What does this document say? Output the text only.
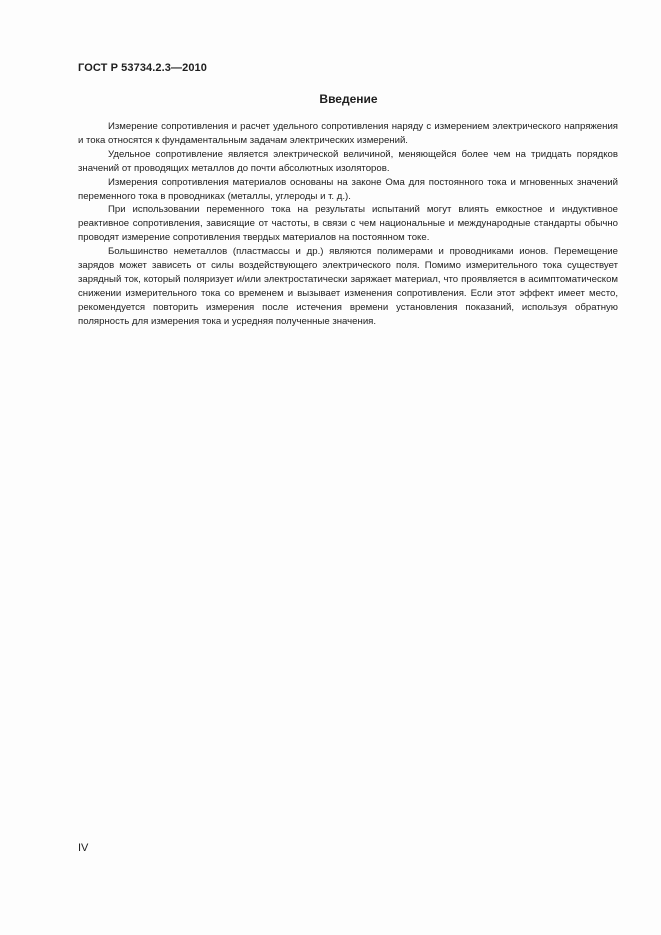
ГОСТ Р 53734.2.3—2010
Введение

Измерение сопротивления и расчет удельного сопротивления наряду с измерением электрического напряжения и тока относятся к фундаментальным задачам электрических измерений.

Удельное сопротивление является электрической величиной, меняющейся более чем на тридцать порядков значений от проводящих металлов до почти абсолютных изоляторов.

Измерения сопротивления материалов основаны на законе Ома для постоянного тока и мгновенных значений переменного тока в проводниках (металлы, углероды и т. д.).

При использовании переменного тока на результаты испытаний могут влиять емкостное и индуктивное реактивное сопротивления, зависящие от частоты, в связи с чем национальные и международные стандарты обычно проводят измерение сопротивления твердых материалов на постоянном токе.

Большинство неметаллов (пластмассы и др.) являются полимерами и проводниками ионов. Перемещение зарядов может зависеть от силы воздействующего электрического поля. Помимо измерительного тока существует зарядный ток, который поляризует и/или электростатически заряжает материал, что проявляется в асимптоматическом снижении измерительного тока со временем и вызывает изменения сопротивления. Если этот эффект имеет место, рекомендуется повторить измерения после истечения времени установления показаний, используя обратную полярность для измерения тока и усредняя полученные значения.

IV
